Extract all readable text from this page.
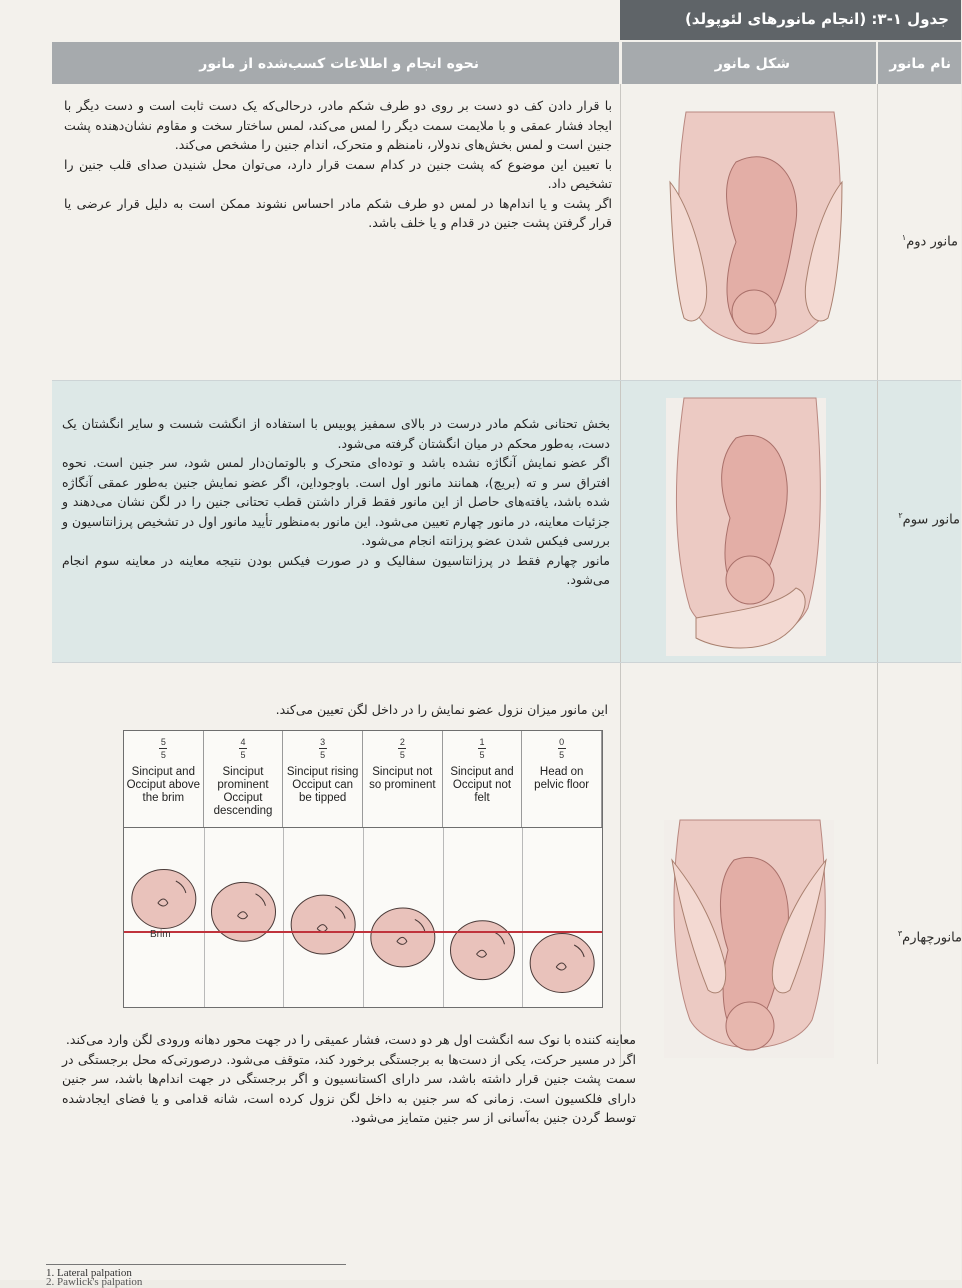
جدول ۱-۳: (انجام مانورهای لئوپولد)
نحوه انجام و اطلاعات کسب‌شده از مانور	شکل مانور	نام مانور
مانور دوم$^۱$

با قرار دادن کف دو دست بر روی دو طرف شکم مادر، درحالی‌که یک دست ثابت است و دست دیگر با ایجاد فشار عمقی و با ملایمت سمت دیگر را لمس می‌کند، لمس ساختار سخت و مقاوم نشان‌دهنده پشت جنین است و لمس بخش‌های ندولار، نامنظم و متحرک، اندام جنین را مشخص می‌کند.

با تعیین این موضوع که پشت جنین در کدام سمت قرار دارد، می‌توان محل شنیدن صدای قلب جنین را تشخیص داد.

اگر پشت و یا اندام‌ها در لمس دو طرف شکم مادر احساس نشوند ممکن است به دلیل قرار عرضی یا قرار گرفتن پشت جنین در قدام و یا خلف باشد.

مانور سوم$^۲$

بخش تحتانی شکم مادر درست در بالای سمفیز پوبیس با استفاده از انگشت شست و سایر انگشتان یک دست، به‌طور محکم در میان انگشتان گرفته می‌شود.

اگر عضو نمایش آنگاژه نشده باشد و توده‌ای متحرک و بالوتمان‌دار لمس شود، سر جنین است. نحوه افتراق سر و ته (بریچ)، همانند مانور اول است. باوجوداین، اگر عضو نمایش جنین به‌طور عمقی آنگاژه شده باشد، یافته‌های حاصل از این مانور فقط قرار داشتن قطب تحتانی جنین را در لگن نشان می‌دهند و جزئیات معاینه، در مانور چهارم تعیین می‌شود. این مانور به‌منظور تأیید مانور اول در تشخیص پرزانتاسیون و بررسی فیکس شدن عضو پرزانته انجام می‌شود.

مانور چهارم فقط در پرزانتاسیون سفالیک و در صورت فیکس بودن نتیجه معاینه در معاینه سوم انجام می‌شود.

مانورچهارم$^۳$
این مانور میزان نزول عضو نمایش را در داخل لگن تعیین می‌کند.
5
5
Sinciput and Occiput above the brim
4
5
Sinciput prominent Occiput descending
3
5
Sinciput rising Occiput can be tipped
2
5
Sinciput not so prominent
1
5
Sinciput and Occiput not felt
0
5
Head on pelvic floor
Brim

معاینه کننده با نوک سه انگشت اول هر دو دست، فشار عمیقی را در جهت محور دهانه ورودی لگن وارد می‌کند.

اگر در مسیر حرکت، یکی از دست‌ها به برجستگی برخورد کند، متوقف می‌شود. درصورتی‌که محل برجستگی در سمت پشت جنین قرار داشته باشد، سر دارای اکستانسیون و اگر برجستگی در جهت اندام‌ها باشد، سر جنین دارای فلکسیون است. زمانی که سر جنین به داخل لگن نزول کرده است، شانه قدامی و یا فضای ایجادشده توسط گردن جنین به‌آسانی از سر جنین متمایز می‌شود.

1. Lateral palpation
2. Pawlick's palpation
